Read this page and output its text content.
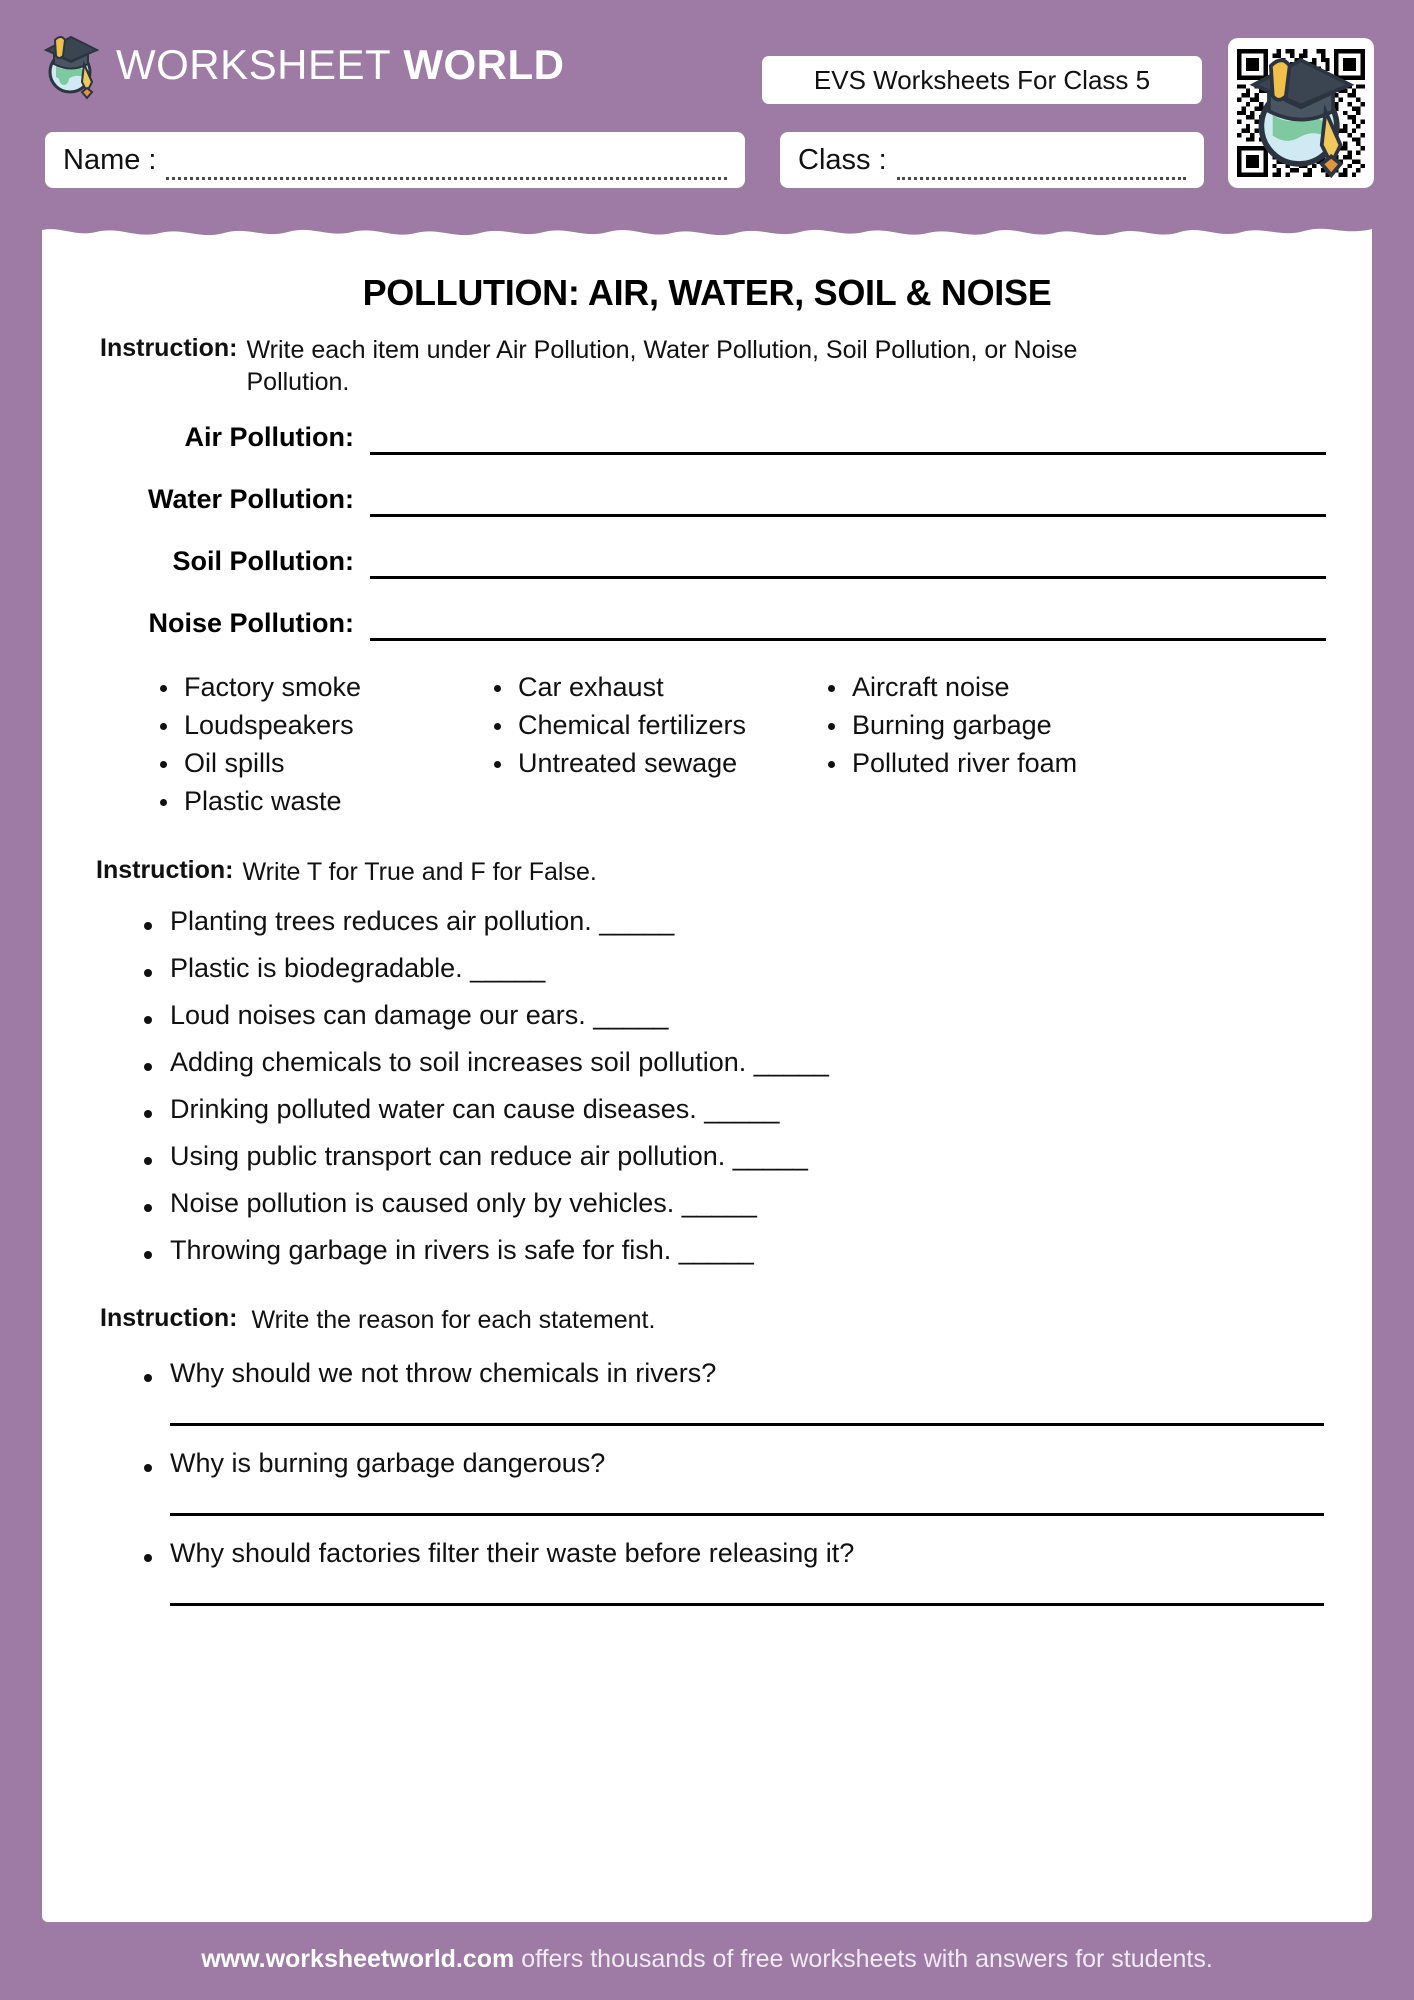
WORKSHEET WORLD	EVS Worksheets For Class 5
Name :	Class :
POLLUTION: AIR, WATER, SOIL & NOISE
Instruction: Write each item under Air Pollution, Water Pollution, Soil Pollution, or Noise Pollution.
Air Pollution:
Water Pollution:
Soil Pollution:
Noise Pollution:
Factory smoke
Loudspeakers
Oil spills
Plastic waste
Car exhaust
Chemical fertilizers
Untreated sewage
Aircraft noise
Burning garbage
Polluted river foam
Instruction: Write T for True and F for False.
Planting trees reduces air pollution. _____
Plastic is biodegradable. _____
Loud noises can damage our ears. _____
Adding chemicals to soil increases soil pollution. _____
Drinking polluted water can cause diseases. _____
Using public transport can reduce air pollution. _____
Noise pollution is caused only by vehicles. _____
Throwing garbage in rivers is safe for fish. _____
Instruction: Write the reason for each statement.
Why should we not throw chemicals in rivers?
Why is burning garbage dangerous?
Why should factories filter their waste before releasing it?
www.worksheetworld.com offers thousands of free worksheets with answers for students.
